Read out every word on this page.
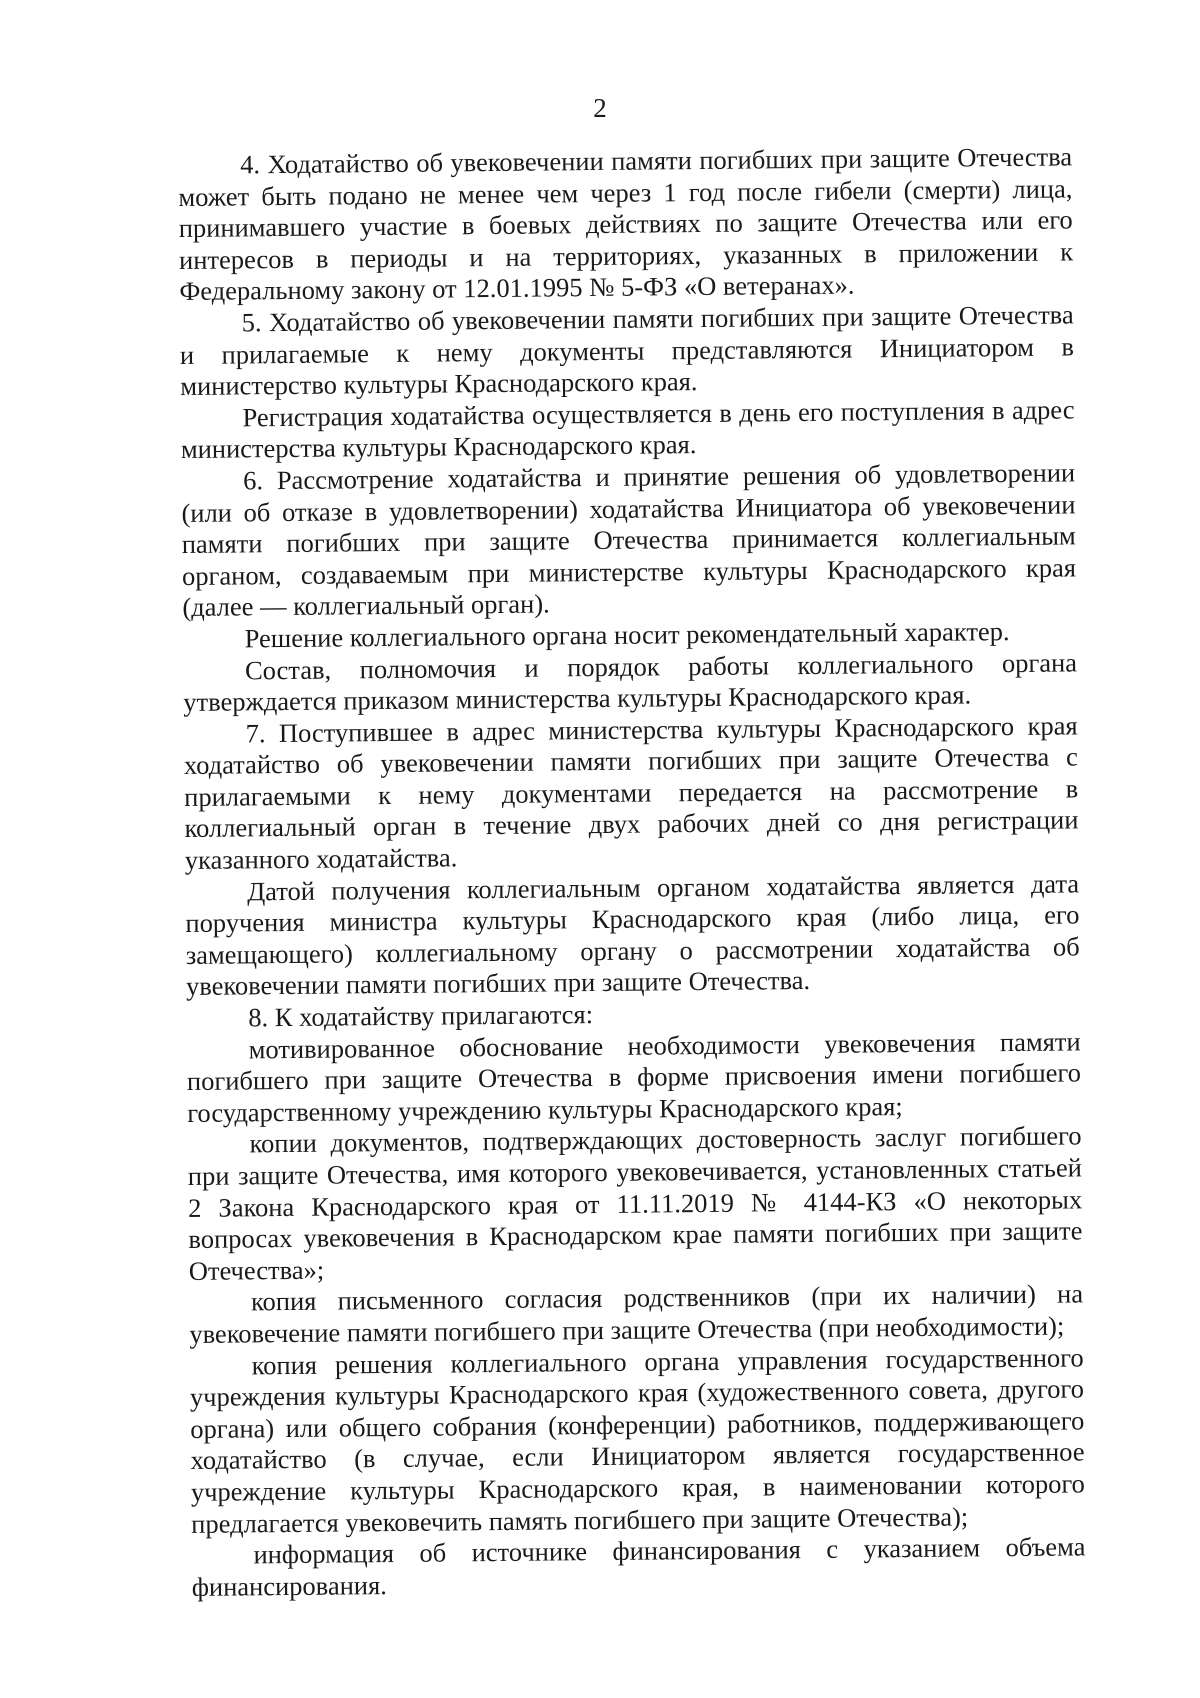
2

4. Ходатайство об увековечении памяти погибших при защите Отечества может быть подано не менее чем через 1 год после гибели (смерти) лица, принимавшего участие в боевых действиях по защите Отечества или его интересов в периоды и на территориях, указанных в приложении к Федеральному закону от 12.01.1995 № 5-ФЗ «О ветеранах».

5. Ходатайство об увековечении памяти погибших при защите Отечества и прилагаемые к нему документы представляются Инициатором в министерство культуры Краснодарского края.

Регистрация ходатайства осуществляется в день его поступления в адрес министерства культуры Краснодарского края.

6. Рассмотрение ходатайства и принятие решения об удовлетворении (или об отказе в удовлетворении) ходатайства Инициатора об увековечении памяти погибших при защите Отечества принимается коллегиальным органом, создаваемым при министерстве культуры Краснодарского края (далее — коллегиальный орган).

Решение коллегиального органа носит рекомендательный характер.

Состав, полномочия и порядок работы коллегиального органа утверждается приказом министерства культуры Краснодарского края.

7. Поступившее в адрес министерства культуры Краснодарского края ходатайство об увековечении памяти погибших при защите Отечества с прилагаемыми к нему документами передается на рассмотрение в коллегиальный орган в течение двух рабочих дней со дня регистрации указанного ходатайства.

Датой получения коллегиальным органом ходатайства является дата поручения министра культуры Краснодарского края (либо лица, его замещающего) коллегиальному органу о рассмотрении ходатайства об увековечении памяти погибших при защите Отечества.

8. К ходатайству прилагаются:

мотивированное обоснование необходимости увековечения памяти погибшего при защите Отечества в форме присвоения имени погибшего государственному учреждению культуры Краснодарского края;

копии документов, подтверждающих достоверность заслуг погибшего при защите Отечества, имя которого увековечивается, установленных статьей 2 Закона Краснодарского края от 11.11.2019 № 4144-КЗ «О некоторых вопросах увековечения в Краснодарском крае памяти погибших при защите Отечества»;

копия письменного согласия родственников (при их наличии) на увековечение памяти погибшего при защите Отечества (при необходимости);

копия решения коллегиального органа управления государственного учреждения культуры Краснодарского края (художественного совета, другого органа) или общего собрания (конференции) работников, поддерживающего ходатайство (в случае, если Инициатором является государственное учреждение культуры Краснодарского края, в наименовании которого предлагается увековечить память погибшего при защите Отечества);

информация об источнике финансирования с указанием объема финансирования.
